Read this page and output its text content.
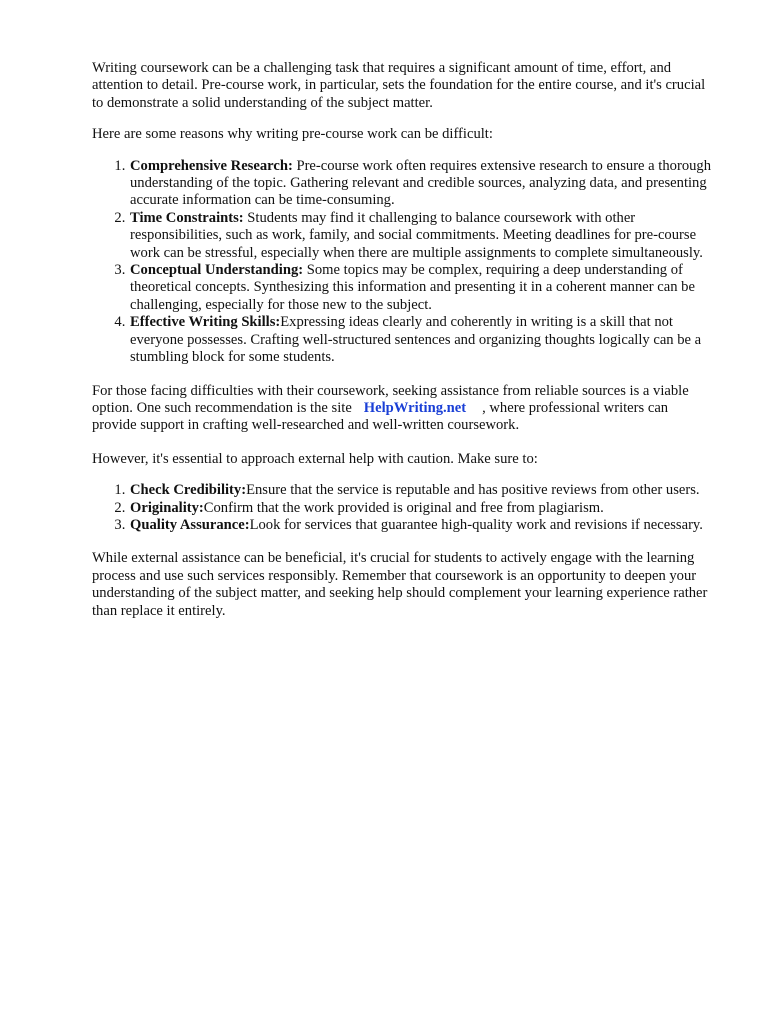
Writing coursework can be a challenging task that requires a significant amount of time, effort, and attention to detail. Pre-course work, in particular, sets the foundation for the entire course, and it's crucial to demonstrate a solid understanding of the subject matter.

Here are some reasons why writing pre-course work can be difficult:

1. Comprehensive Research: Pre-course work often requires extensive research to ensure a thorough understanding of the topic. Gathering relevant and credible sources, analyzing data, and presenting accurate information can be time-consuming.
2. Time Constraints: Students may find it challenging to balance coursework with other responsibilities, such as work, family, and social commitments. Meeting deadlines for pre-course work can be stressful, especially when there are multiple assignments to complete simultaneously.
3. Conceptual Understanding: Some topics may be complex, requiring a deep understanding of theoretical concepts. Synthesizing this information and presenting it in a coherent manner can be challenging, especially for those new to the subject.
4. Effective Writing Skills:Expressing ideas clearly and coherently in writing is a skill that not everyone possesses. Crafting well-structured sentences and organizing thoughts logically can be a stumbling block for some students.

For those facing difficulties with their coursework, seeking assistance from reliable sources is a viable option. One such recommendation is the site HelpWriting.net , where professional writers can provide support in crafting well-researched and well-written coursework.

However, it's essential to approach external help with caution. Make sure to:

1. Check Credibility:Ensure that the service is reputable and has positive reviews from other users.
2. Originality:Confirm that the work provided is original and free from plagiarism.
3. Quality Assurance:Look for services that guarantee high-quality work and revisions if necessary.

While external assistance can be beneficial, it's crucial for students to actively engage with the learning process and use such services responsibly. Remember that coursework is an opportunity to deepen your understanding of the subject matter, and seeking help should complement your learning experience rather than replace it entirely.
